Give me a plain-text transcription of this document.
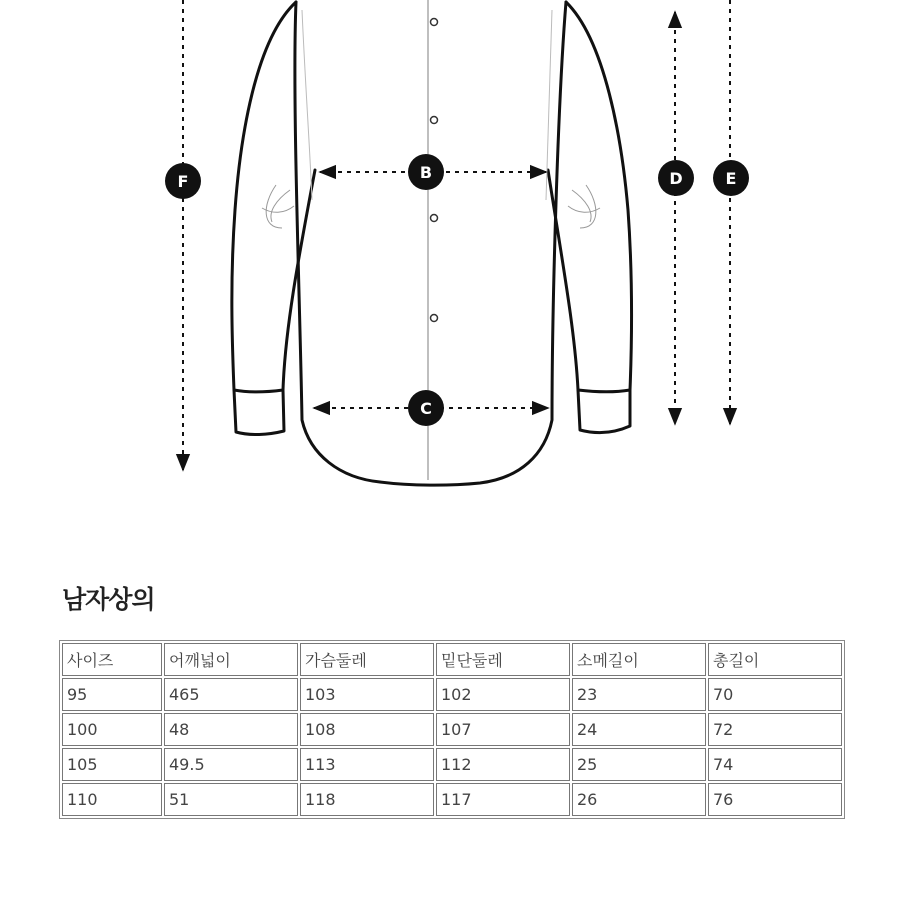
F	B
C
D	E
남자상의
사이즈	어깨넓이	가슴둘레	밑단둘레	소메길이	총길이
95	465	103	102	23	70
100	48	108	107	24	72
105	49.5	113	112	25	74
110	51	118	117	26	76
